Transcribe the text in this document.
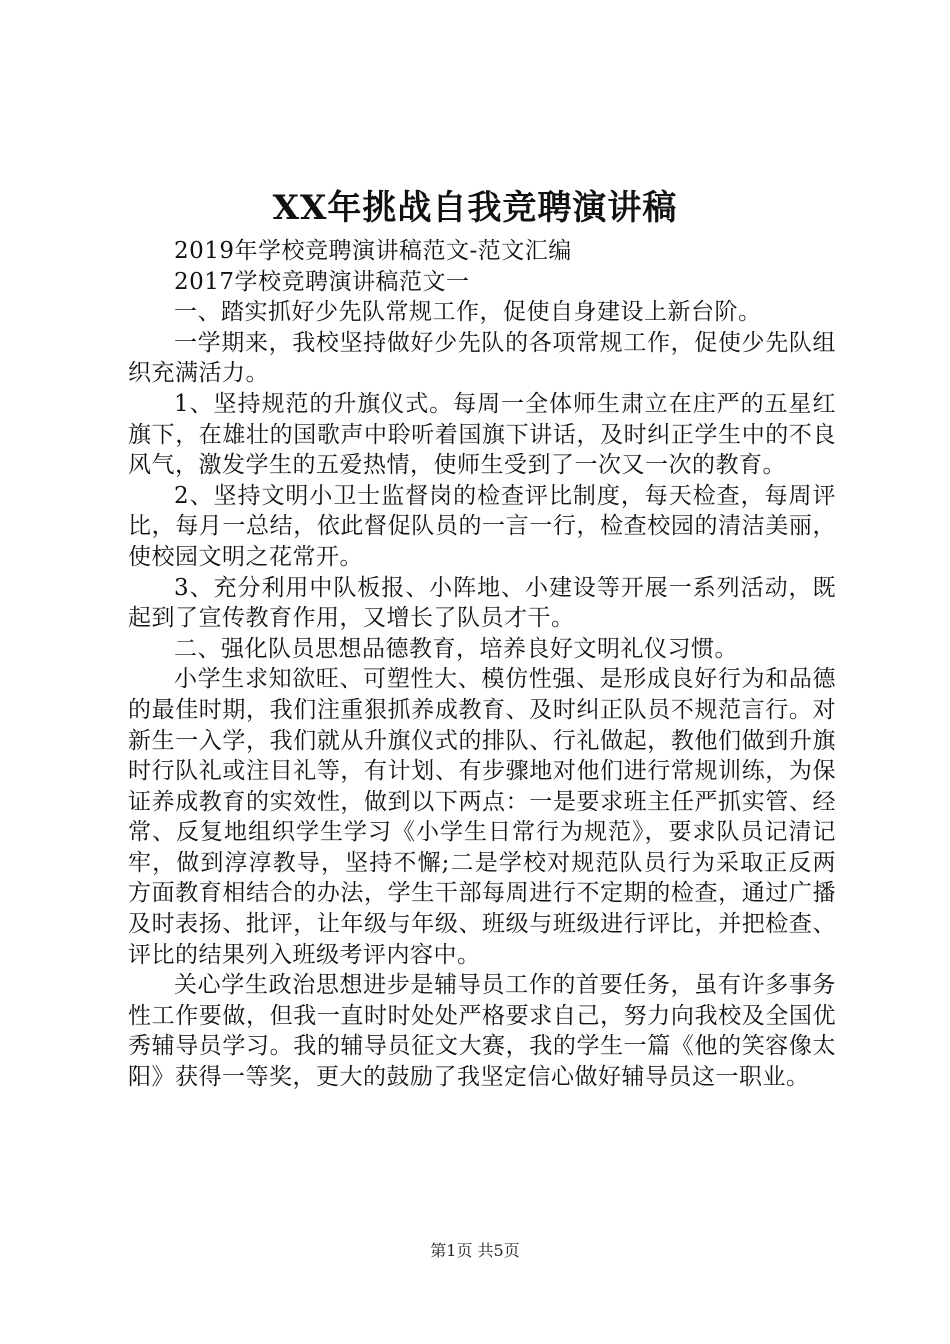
XX年挑战自我竞聘演讲稿

2019年学校竞聘演讲稿范文-范文汇编

2017学校竞聘演讲稿范文一

一、踏实抓好少先队常规工作，促使自身建设上新台阶。

一学期来，我校坚持做好少先队的各项常规工作，促使少先队组织充满活力。

1、坚持规范的升旗仪式。每周一全体师生肃立在庄严的五星红旗下，在雄壮的国歌声中聆听着国旗下讲话，及时纠正学生中的不良风气，激发学生的五爱热情，使师生受到了一次又一次的教育。

2、坚持文明小卫士监督岗的检查评比制度，每天检查，每周评比，每月一总结，依此督促队员的一言一行，检查校园的清洁美丽，使校园文明之花常开。

3、充分利用中队板报、小阵地、小建设等开展一系列活动，既起到了宣传教育作用，又增长了队员才干。

二、强化队员思想品德教育，培养良好文明礼仪习惯。

小学生求知欲旺、可塑性大、模仿性强、是形成良好行为和品德的最佳时期，我们注重狠抓养成教育、及时纠正队员不规范言行。对新生一入学，我们就从升旗仪式的排队、行礼做起，教他们做到升旗时行队礼或注目礼等，有计划、有步骤地对他们进行常规训练，为保证养成教育的实效性，做到以下两点：一是要求班主任严抓实管、经常、反复地组织学生学习《小学生日常行为规范》，要求队员记清记牢，做到淳淳教导，坚持不懈;二是学校对规范队员行为采取正反两方面教育相结合的办法，学生干部每周进行不定期的检查，通过广播及时表扬、批评，让年级与年级、班级与班级进行评比，并把检查、评比的结果列入班级考评内容中。

关心学生政治思想进步是辅导员工作的首要任务，虽有许多事务性工作要做，但我一直时时处处严格要求自己，努力向我校及全国优秀辅导员学习。我的辅导员征文大赛，我的学生一篇《他的笑容像太阳》获得一等奖，更大的鼓励了我坚定信心做好辅导员这一职业。

第1页 共5页
